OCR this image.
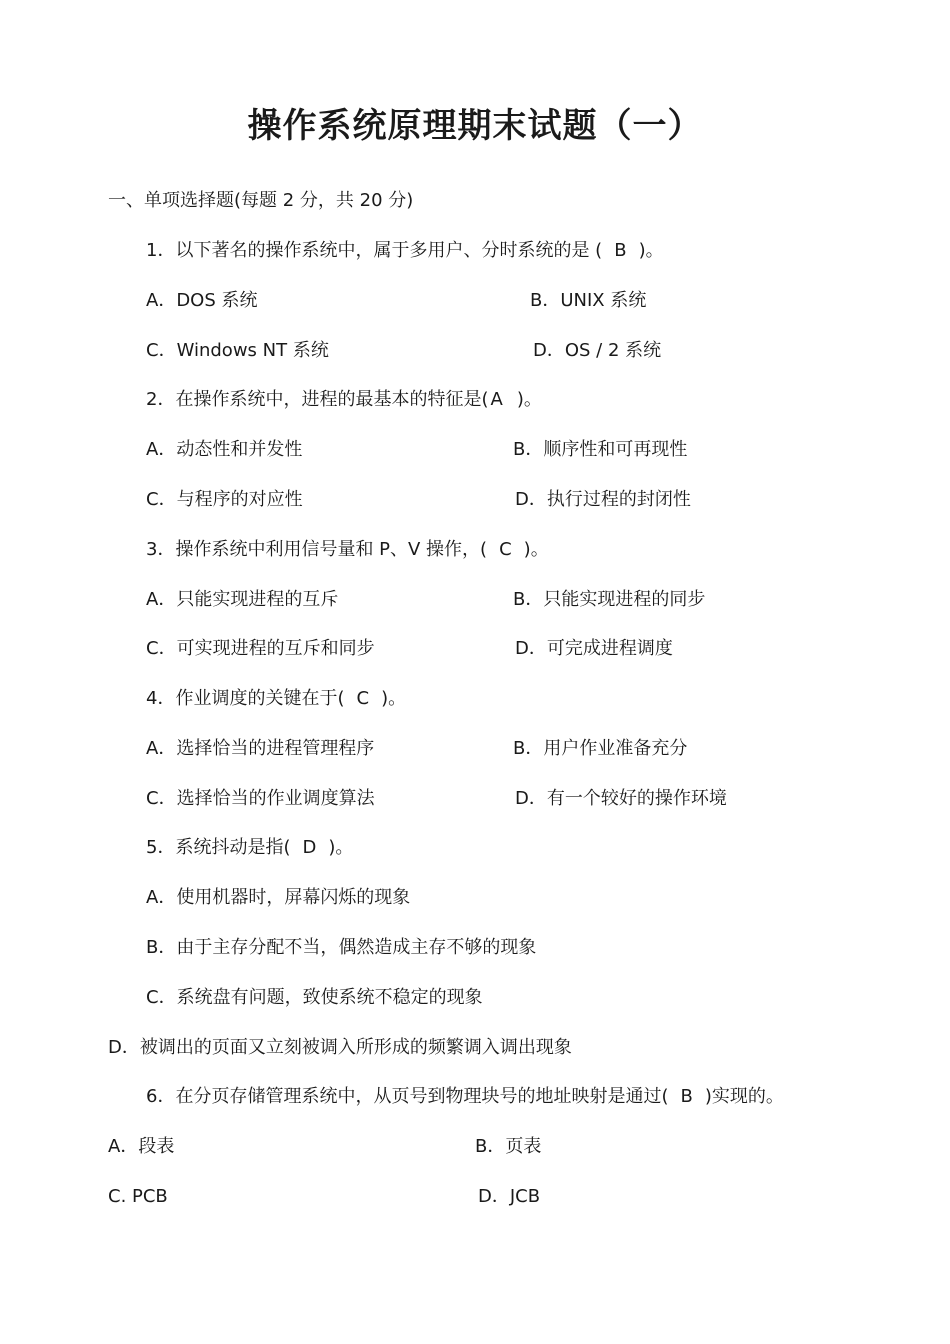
操作系统原理期末试题（一）
一、单项选择题(每题 2 分，共 20 分)
1．以下著名的操作系统中，属于多用户、分时系统的是 ( B )。
A．DOS 系统	B．UNIX 系统
C．Windows NT 系统	D．OS / 2 系统
2．在操作系统中，进程的最基本的特征是( A )。
A．动态性和并发性	B．顺序性和可再现性
C．与程序的对应性	D．执行过程的封闭性
3．操作系统中利用信号量和 P、V 操作，( C )。
A．只能实现进程的互斥	B．只能实现进程的同步
C．可实现进程的互斥和同步	D．可完成进程调度
4．作业调度的关键在于( C )。
A．选择恰当的进程管理程序	B．用户作业准备充分
C．选择恰当的作业调度算法	D．有一个较好的操作环境
5．系统抖动是指( D )。
A．使用机器时，屏幕闪烁的现象
B．由于主存分配不当，偶然造成主存不够的现象
C．系统盘有问题，致使系统不稳定的现象
D．被调出的页面又立刻被调入所形成的频繁调入调出现象
6．在分页存储管理系统中，从页号到物理块号的地址映射是通过( B )实现的。
A．段表	B．页表
C. PCB	D．JCB
